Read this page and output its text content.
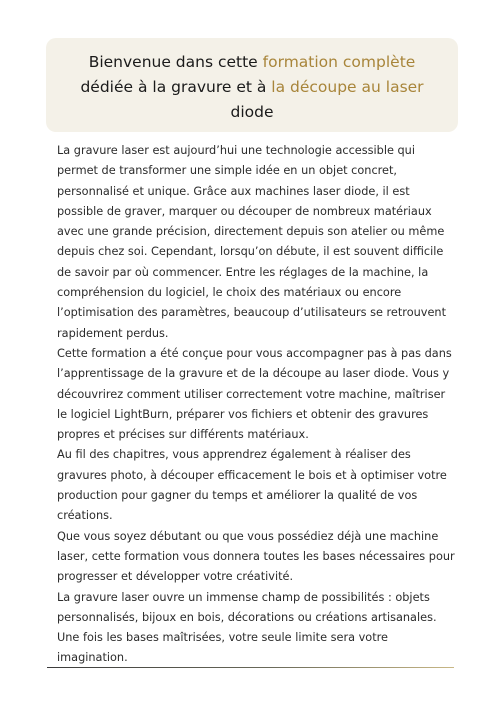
Bienvenue dans cette formation complète
dédiée à la gravure et à la découpe au laser
diode

La gravure laser est aujourd’hui une technologie accessible qui permet de transformer une simple idée en un objet concret, personnalisé et unique. Grâce aux machines laser diode, il est possible de graver, marquer ou découper de nombreux matériaux avec une grande précision, directement depuis son atelier ou même depuis chez soi. Cependant, lorsqu’on débute, il est souvent difficile de savoir par où commencer. Entre les réglages de la machine, la compréhension du logiciel, le choix des matériaux ou encore l’optimisation des paramètres, beaucoup d’utilisateurs se retrouvent rapidement perdus.

Cette formation a été conçue pour vous accompagner pas à pas dans l’apprentissage de la gravure et de la découpe au laser diode. Vous y découvrirez comment utiliser correctement votre machine, maîtriser le logiciel LightBurn, préparer vos fichiers et obtenir des gravures propres et précises sur différents matériaux.

Au fil des chapitres, vous apprendrez également à réaliser des gravures photo, à découper efficacement le bois et à optimiser votre production pour gagner du temps et améliorer la qualité de vos créations.

Que vous soyez débutant ou que vous possédiez déjà une machine laser, cette formation vous donnera toutes les bases nécessaires pour progresser et développer votre créativité.

La gravure laser ouvre un immense champ de possibilités : objets personnalisés, bijoux en bois, décorations ou créations artisanales. Une fois les bases maîtrisées, votre seule limite sera votre imagination.
